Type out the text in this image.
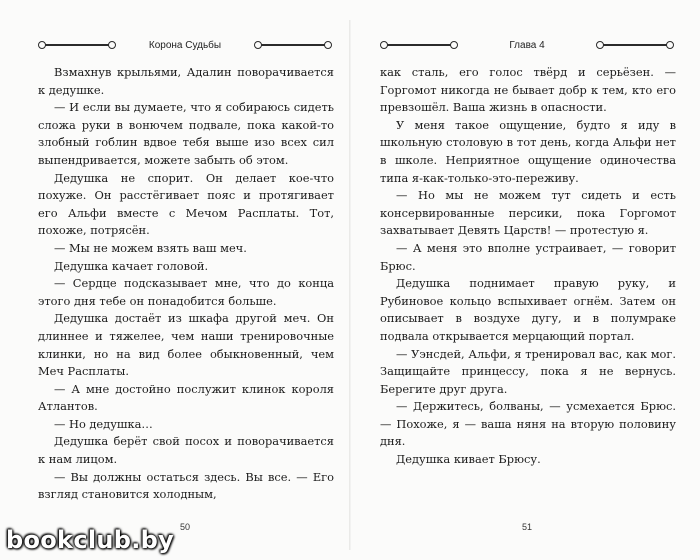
Корона Судьбы

Взмахнув крыльями, Адалин поворачивается к дедушке.

— И если вы думаете, что я собираюсь сидеть сложа руки в вонючем подвале, пока какой-то злобный гоблин вдвое тебя выше изо всех сил выпендривается, можете забыть об этом.

Дедушка не спорит. Он делает кое-что похуже. Он расстёгивает пояс и протягивает его Альфи вместе с Мечом Расплаты. Тот, похоже, потрясён.

— Мы не можем взять ваш меч.

Дедушка качает головой.

— Сердце подсказывает мне, что до конца этого дня тебе он понадобится больше.

Дедушка достаёт из шкафа другой меч. Он длиннее и тяжелее, чем наши тренировочные клинки, но на вид более обыкновенный, чем Меч Расплаты.

— А мне достойно послужит клинок короля Атлантов.

— Но дедушка…

Дедушка берёт свой посох и поворачивается к нам лицом.

— Вы должны остаться здесь. Вы все. — Его взгляд становится холодным,

50
Глава 4

как сталь, его голос твёрд и серьёзен. — Горгомот никогда не бывает добр к тем, кто его превзошёл. Ваша жизнь в опасности.

У меня такое ощущение, будто я иду в школьную столовую в тот день, когда Альфи нет в школе. Неприятное ощущение одиночества типа я-как-только-это-переживу.

— Но мы не можем тут сидеть и есть консервированные персики, пока Горгомот захватывает Девять Царств! — протестую я.

— А меня это вполне устраивает, — говорит Брюс.

Дедушка поднимает правую руку, и Рубиновое кольцо вспыхивает огнём. Затем он описывает в воздухе дугу, и в полумраке подвала открывается мерцающий портал.

— Уэнсдей, Альфи, я тренировал вас, как мог. Защищайте принцессу, пока я не вернусь. Берегите друг друга.

— Держитесь, болваны, — усмехается Брюс. — Похоже, я — ваша няня на вторую половину дня.

Дедушка кивает Брюсу.

51
bookclub.by
